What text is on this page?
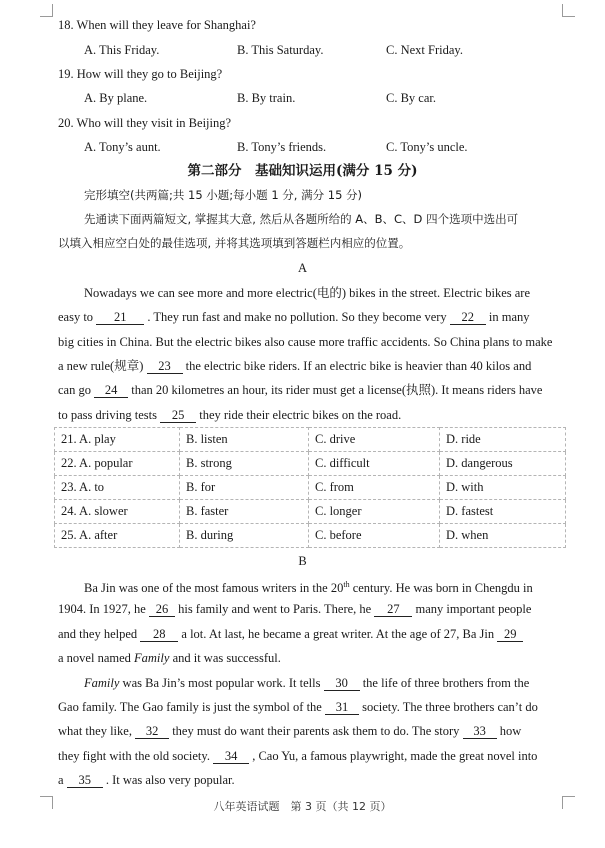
18. When will they leave for Shanghai?
A. This Friday.	B. This Saturday.	C. Next Friday.
19. How will they go to Beijing?
A. By plane.	B. By train.	C. By car.
20. Who will they visit in Beijing?
A. Tony’s aunt.	B. Tony’s friends.	C. Tony’s uncle.
第二部分　基础知识运用(满分 15 分)
完形填空(共两篇;共 15 小题;每小题 1 分, 满分 15 分)
先通读下面两篇短文, 掌握其大意, 然后从各题所给的 A、B、C、D 四个选项中选出可
以填入相应空白处的最佳选项, 并将其选项填到答题栏内相应的位置。
A
Nowadays we can see more and more electric(电的) bikes in the street. Electric bikes are
easy to 21 . They run fast and make no pollution. So they become very 22 in many
big cities in China. But the electric bikes also cause more traffic accidents. So China plans to make
a new rule(规章) 23 the electric bike riders. If an electric bike is heavier than 40 kilos and
can go 24 than 20 kilometres an hour, its rider must get a license(执照). It means riders have
to pass driving tests 25 they ride their electric bikes on the road.
21. A. play	B. listen	C. drive	D. ride
22. A. popular	B. strong	C. difficult	D. dangerous
23. A. to	B. for	C. from	D. with
24. A. slower	B. faster	C. longer	D. fastest
25. A. after	B. during	C. before	D. when
B
Ba Jin was one of the most famous writers in the 20th century. He was born in Chengdu in
1904. In 1927, he 26 his family and went to Paris. There, he 27 many important people
and they helped 28 a lot. At last, he became a great writer. At the age of 27, Ba Jin 29
a novel named Family and it was successful.
Family was Ba Jin’s most popular work. It tells 30 the life of three brothers from the
Gao family. The Gao family is just the symbol of the 31 society. The three brothers can’t do
what they like, 32 they must do want their parents ask them to do. The story 33 how
they fight with the old society. 34 , Cao Yu, a famous playwright, made the great novel into
a 35 . It was also very popular.
八年英语试题　第 3 页（共 12 页）
